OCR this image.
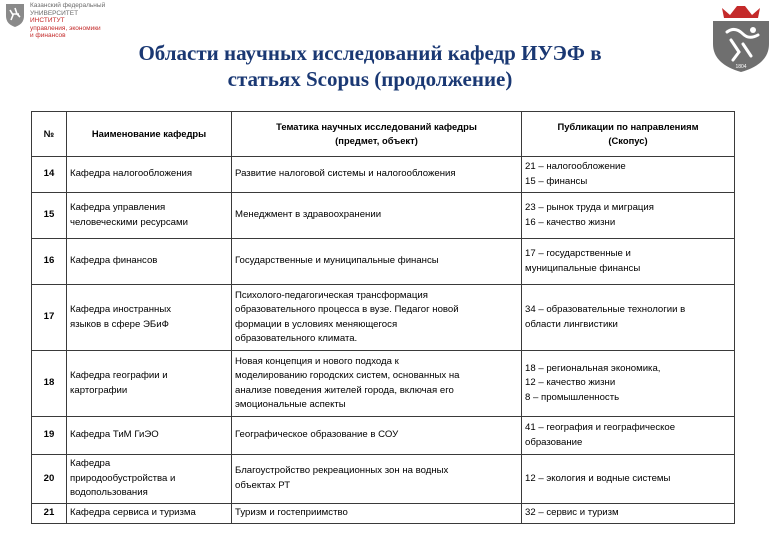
Казанский федеральный
УНИВЕРСИТЕТ
ИНСТИТУТ
управления, экономики
и финансов
1804
Области научных исследований кафедр ИУЭФ в
статьях Scopus (продолжение)
№	Наименование кафедры	Тематика научных исследований кафедры
(предмет, объект)	Публикации по направлениям
(Скопус)

14	Кафедра налогообложения	Развитие налоговой системы и налогообложения	21 – налогообложение
15 – финансы

15	Кафедра управления
человеческими ресурсами	Менеджмент в здравоохранении	23 – рынок труда и миграция
16 – качество жизни

16	Кафедра финансов	Государственные и муниципальные финансы	17 – государственные и
муниципальные финансы

17	Кафедра иностранных
языков в сфере ЭБиФ	Психолого-педагогическая трансформация
образовательного процесса в вузе. Педагог новой
формации в условиях меняющегося
образовательного климата.	34 – образовательные технологии в
области лингвистики

18	Кафедра географии и
картографии	Новая концепция и нового подхода к
моделированию городских систем, основанных на
анализе поведения жителей города, включая его
эмоциональные аспекты	18 – региональная экономика,
12 – качество жизни
8 – промышленность

19	Кафедра ТиМ ГиЭО	Географическое образование в СОУ	41 – география и географическое
образование

20	Кафедра
природообустройства и
водопользования	Благоустройство рекреационных зон на водных
объектах РТ	12 – экология и водные системы

21	Кафедра сервиса и туризма	Туризм и гостеприимство	32 – сервис и туризм
